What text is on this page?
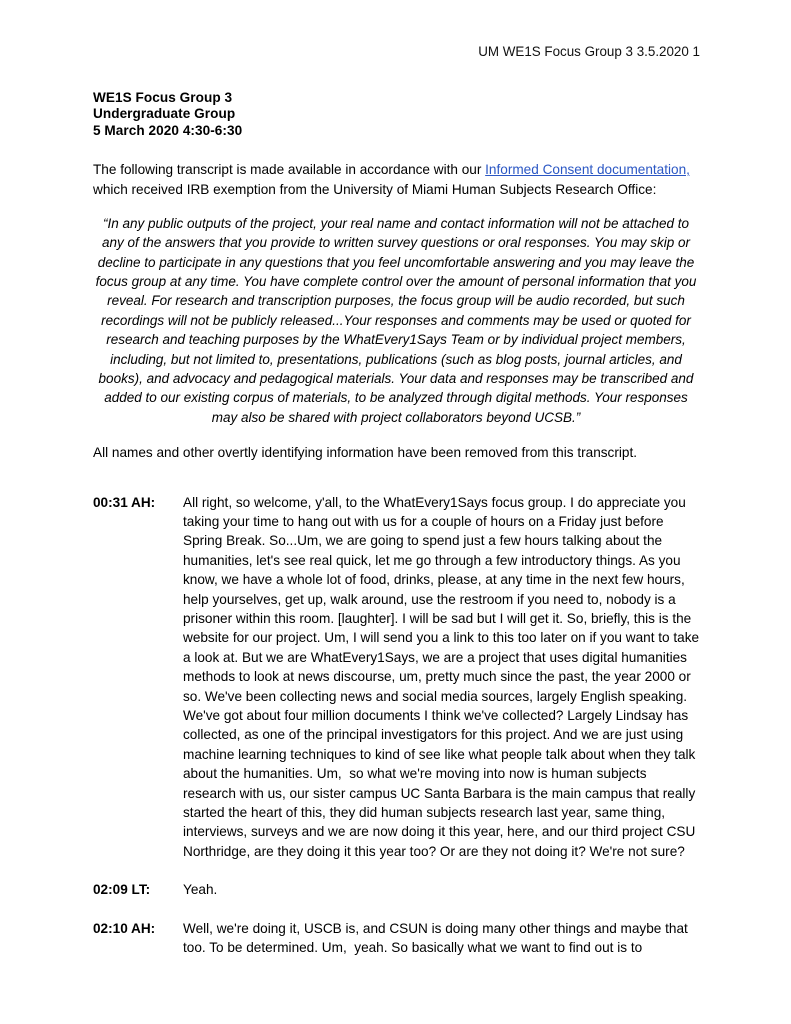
UM WE1S Focus Group 3 3.5.2020 1
WE1S Focus Group 3
Undergraduate Group
5 March 2020 4:30-6:30

The following transcript is made available in accordance with our Informed Consent documentation, which received IRB exemption from the University of Miami Human Subjects Research Office:

“In any public outputs of the project, your real name and contact information will not be attached to any of the answers that you provide to written survey questions or oral responses. You may skip or decline to participate in any questions that you feel uncomfortable answering and you may leave the focus group at any time. You have complete control over the amount of personal information that you reveal. For research and transcription purposes, the focus group will be audio recorded, but such recordings will not be publicly released...Your responses and comments may be used or quoted for research and teaching purposes by the WhatEvery1Says Team or by individual project members, including, but not limited to, presentations, publications (such as blog posts, journal articles, and books), and advocacy and pedagogical materials. Your data and responses may be transcribed and added to our existing corpus of materials, to be analyzed through digital methods. Your responses may also be shared with project collaborators beyond UCSB.”

All names and other overtly identifying information have been removed from this transcript.

00:31 AH:	All right, so welcome, y'all, to the WhatEvery1Says focus group. I do appreciate you taking your time to hang out with us for a couple of hours on a Friday just before Spring Break. So...Um, we are going to spend just a few hours talking about the humanities, let's see real quick, let me go through a few introductory things. As you know, we have a whole lot of food, drinks, please, at any time in the next few hours, help yourselves, get up, walk around, use the restroom if you need to, nobody is a prisoner within this room. [laughter]. I will be sad but I will get it. So, briefly, this is the website for our project. Um, I will send you a link to this too later on if you want to take a look at. But we are WhatEvery1Says, we are a project that uses digital humanities methods to look at news discourse, um, pretty much since the past, the year 2000 or so. We've been collecting news and social media sources, largely English speaking. We've got about four million documents I think we've collected? Largely Lindsay has collected, as one of the principal investigators for this project. And we are just using machine learning techniques to kind of see like what people talk about when they talk about the humanities. Um,  so what we're moving into now is human subjects research with us, our sister campus UC Santa Barbara is the main campus that really started the heart of this, they did human subjects research last year, same thing, interviews, surveys and we are now doing it this year, here, and our third project CSU Northridge, are they doing it this year too? Or are they not doing it? We're not sure?
02:09 LT:	Yeah.
02:10 AH:	Well, we're doing it, USCB is, and CSUN is doing many other things and maybe that too. To be determined. Um,  yeah. So basically what we want to find out is to
